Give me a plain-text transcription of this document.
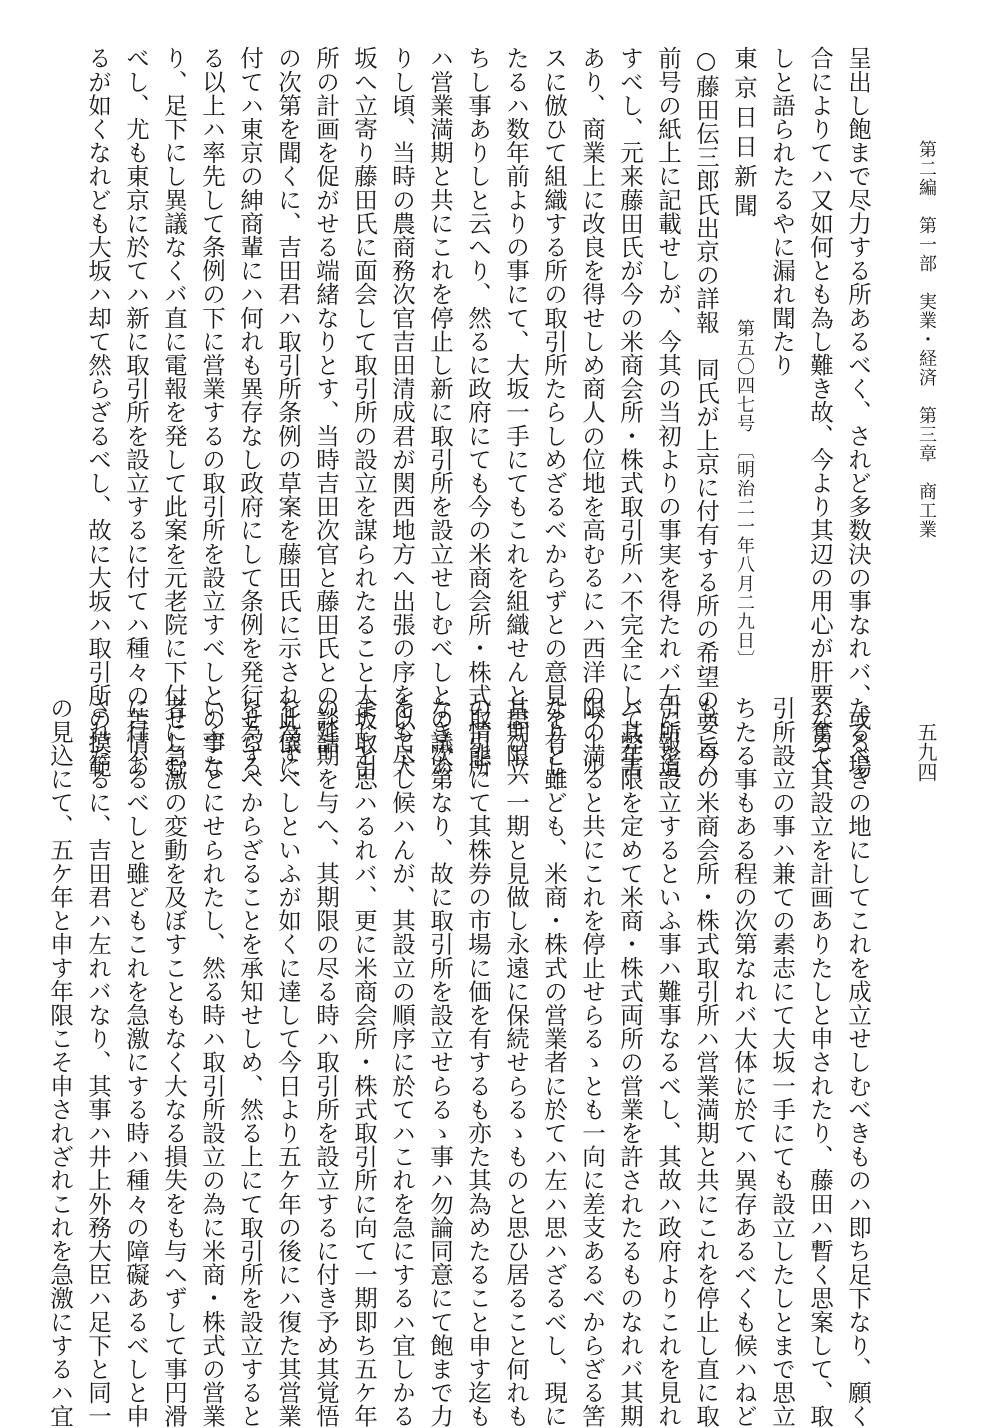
第二編　第一部　実業・経済　第三章　商工業
五九四
呈出し飽まで尽力する所あるべく、されど多数決の事なれバ、或る場
合によりてハ又如何とも為し難き故、今より其辺の用心が肝要なるべ
しと語られたるやに漏れ聞たり
東京日日新聞第五〇四七号〔明治二一年八月二九日〕
○藤田伝三郎氏出京の詳報　同氏が上京に付有する所の希望の要旨ハ
前号の紙上に記載せしが、今其の当初よりの事実を得たれバ左に報道
すべし、元来藤田氏が今の米商会所・株式取引所ハ不完全にして弊害
あり、商業上に改良を得せしめ商人の位地を高むるにハ西洋のブール
スに倣ひて組織する所の取引所たらしめざるべからずとの意見を有し
たるハ数年前よりの事にて、大坂一手にてもこれを組織せんと思ひ立
ちし事ありしと云へり、然るに政府にても今の米商会所・株式取引所
ハ営業満期と共にこれを停止し新に取引所を設立せしむべしとの議あ
りし頃、当時の農商務次官吉田清成君が関西地方へ出張の序を以て大
坂へ立寄り藤田氏に面会して取引所の設立を謀られたること大坂取引
所の計画を促がせる端緒なりとす、当時吉田次官と藤田氏との談話
の次第を聞くに、吉田君ハ取引所条例の草案を藤田氏に示され此儀に
付てハ東京の紳商輩にハ何れも異存なし政府にして条例を発行せらる
る以上ハ率先して条例の下に営業するの取引所を設立すべしとの事な
り、足下にし異議なくバ直に電報を発して此案を元老院に下付せしむ
べし、尤も東京に於てハ新に取引所を設立するに付てハ種々の苦情あ
るが如くなれども大坂ハ却て然らざるべし、故に大坂ハ取引所の摸範
たるべきの地にしてこれを成立せしむべきものハ即ち足下なり、願く
ハ奮て其設立を計画ありたしと申されたり、藤田ハ暫く思案して、取
引所設立の事ハ兼ての素志にて大坂一手にても設立したしとまで思立
ちたる事もある程の次第なれバ大体に於てハ異存あるべくも候ハねど
も、今の米商会所・株式取引所ハ営業満期と共にこれを停止し直に取
引所を設立するといふ事ハ難事なるべし、其故ハ政府よりこれを見れ
バ其年限を定めて米商・株式両所の営業を許されたるものなれバ其期
限の満ると共にこれを停止せらるゝとも一向に差支あるべからざる筈
なりと雖ども、米商・株式の営業者に於てハ左ハ思ハざるべし、現に
其期限ハ一期と見做し永遠に保続せらるゝものと思ひ居ること何れも
の情態にて其株券の市場に価を有するも亦た其為めたること申す迄も
なき次第なり、故に取引所を設立せらるゝ事ハ勿論同意にて飽まで力
をも尽し候ハんが、其設立の順序に於てハこれを急にするハ宜しかる
まじと思ハるれバ、更に米商会所・株式取引所に向て一期即ち五ケ年
の延期を与へ、其期限の尽る時ハ取引所を設立するに付き予め其覚悟
を為すべしといふが如くに達して今日より五ケ年の後にハ復た其営業
を為すべからざることを承知せしめ、然る上にて取引所を設立すると
いふことにせられたし、然る時ハ取引所設立の為に米商・株式の営業
者に急激の変動を及ぼすこともなく大なる損失をも与へずして事円滑
に行ハるべしと雖どもこれを急激にする時ハ種々の障礙あるべしと申
されたるに、吉田君ハ左れバなり、其事ハ井上外務大臣ハ足下と同一
の見込にて、五ケ年と申す年限こそ申されざれこれを急激にするハ宜
